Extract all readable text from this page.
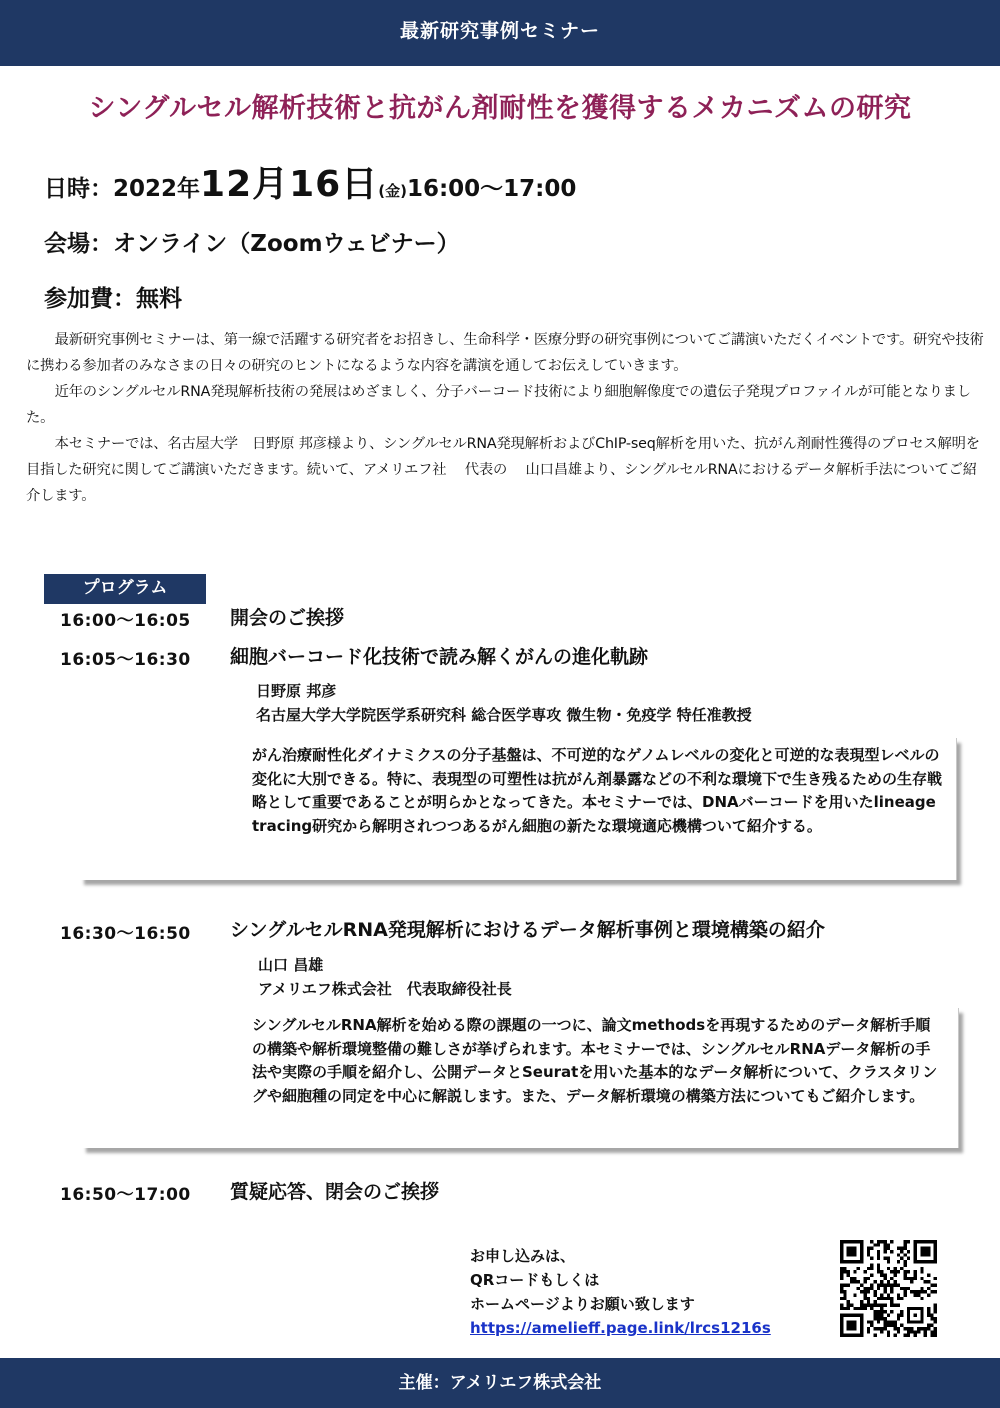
最新研究事例セミナー
シングルセル解析技術と抗がん剤耐性を獲得するメカニズムの研究
日時：2022年12月16日(金)16:00～17:00
会場：オンライン（Zoomウェビナー）
参加費：無料

最新研究事例セミナーは、第一線で活躍する研究者をお招きし、生命科学・医療分野の研究事例についてご講演いただくイベントです。研究や技術に携わる参加者のみなさまの日々の研究のヒントになるような内容を講演を通してお伝えしていきます。

近年のシングルセルRNA発現解析技術の発展はめざましく、分子バーコード技術により細胞解像度での遺伝子発現プロファイルが可能となりました。

本セミナーでは、名古屋大学　日野原 邦彦様より、シングルセルRNA発現解析およびChIP-seq解析を用いた、抗がん剤耐性獲得のプロセス解明を目指した研究に関してご講演いただきます。続いて、アメリエフ社　 代表の　 山口昌雄より、シングルセルRNAにおけるデータ解析手法についてご紹介します。

プログラム
16:00～16:05 開会のご挨拶
16:05～16:30 細胞バーコード化技術で読み解くがんの進化軌跡
日野原 邦彦
名古屋大学大学院医学系研究科 総合医学専攻 微生物・免疫学 特任准教授
がん治療耐性化ダイナミクスの分子基盤は、不可逆的なゲノムレベルの変化と可逆的な表現型レベルの変化に大別できる。特に、表現型の可塑性は抗がん剤暴露などの不利な環境下で生き残るための生存戦略として重要であることが明らかとなってきた。本セミナーでは、DNAバーコードを用いたlineage　tracing研究から解明されつつあるがん細胞の新たな環境適応機構ついて紹介する。
16:30～16:50 シングルセルRNA発現解析におけるデータ解析事例と環境構築の紹介
山口 昌雄
アメリエフ株式会社　代表取締役社長
シングルセルRNA解析を始める際の課題の一つに、論文methodsを再現するためのデータ解析手順の構築や解析環境整備の難しさが挙げられます。本セミナーでは、シングルセルRNAデータ解析の手法や実際の手順を紹介し、公開データとSeuratを用いた基本的なデータ解析について、クラスタリングや細胞種の同定を中心に解説します。また、データ解析環境の構築方法についてもご紹介します。
16:50～17:00 質疑応答、閉会のご挨拶
お申し込みは、
QRコードもしくは
ホームページよりお願い致します
https://amelieff.page.link/lrcs1216s
主催：アメリエフ株式会社
